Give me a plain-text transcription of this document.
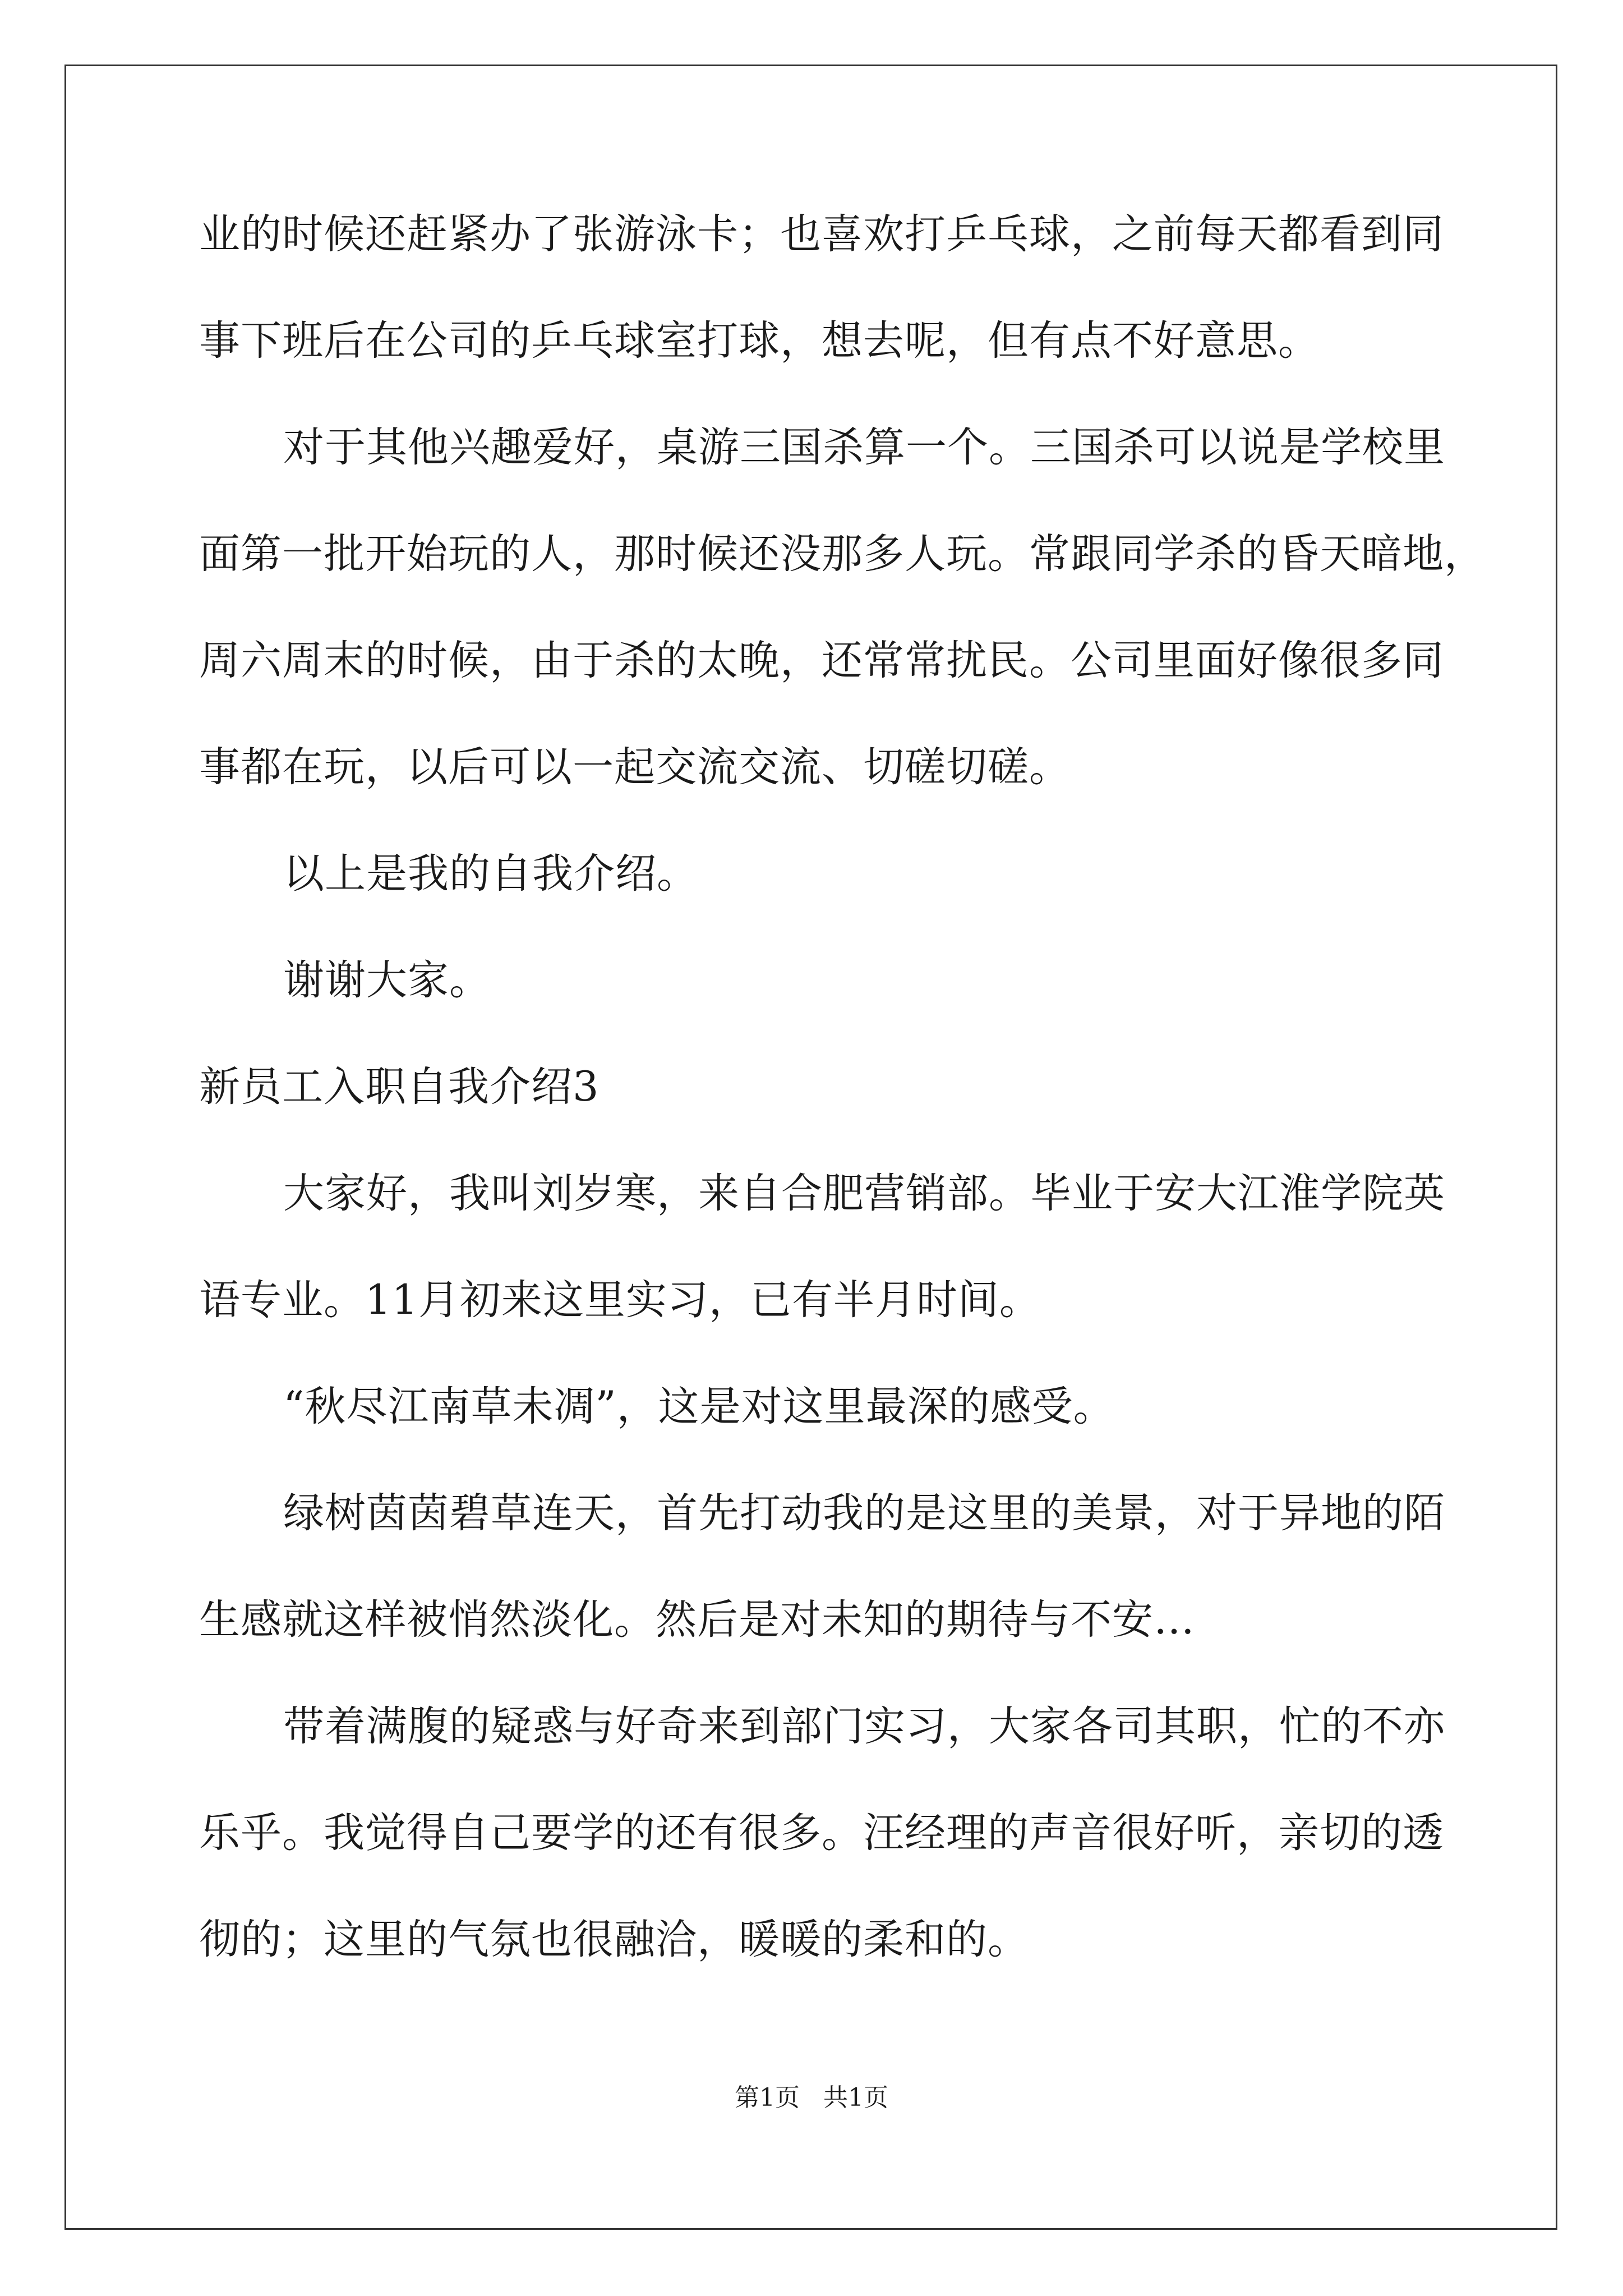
业的时候还赶紧办了张游泳卡；也喜欢打乒乓球，之前每天都看到同
事下班后在公司的乒乓球室打球，想去呢，但有点不好意思。
对于其他兴趣爱好，桌游三国杀算一个。三国杀可以说是学校里
面第一批开始玩的人，那时候还没那多人玩。常跟同学杀的昏天暗地，
周六周末的时候，由于杀的太晚，还常常扰民。公司里面好像很多同
事都在玩，以后可以一起交流交流、切磋切磋。
以上是我的自我介绍。
谢谢大家。
新员工入职自我介绍3
大家好，我叫刘岁寒，来自合肥营销部。毕业于安大江淮学院英
语专业。11月初来这里实习，已有半月时间。
“秋尽江南草未凋”，这是对这里最深的感受。
绿树茵茵碧草连天，首先打动我的是这里的美景，对于异地的陌
生感就这样被悄然淡化。然后是对未知的期待与不安…
带着满腹的疑惑与好奇来到部门实习，大家各司其职，忙的不亦
乐乎。我觉得自己要学的还有很多。汪经理的声音很好听，亲切的透
彻的；这里的气氛也很融洽，暖暖的柔和的。
第1页 共1页
